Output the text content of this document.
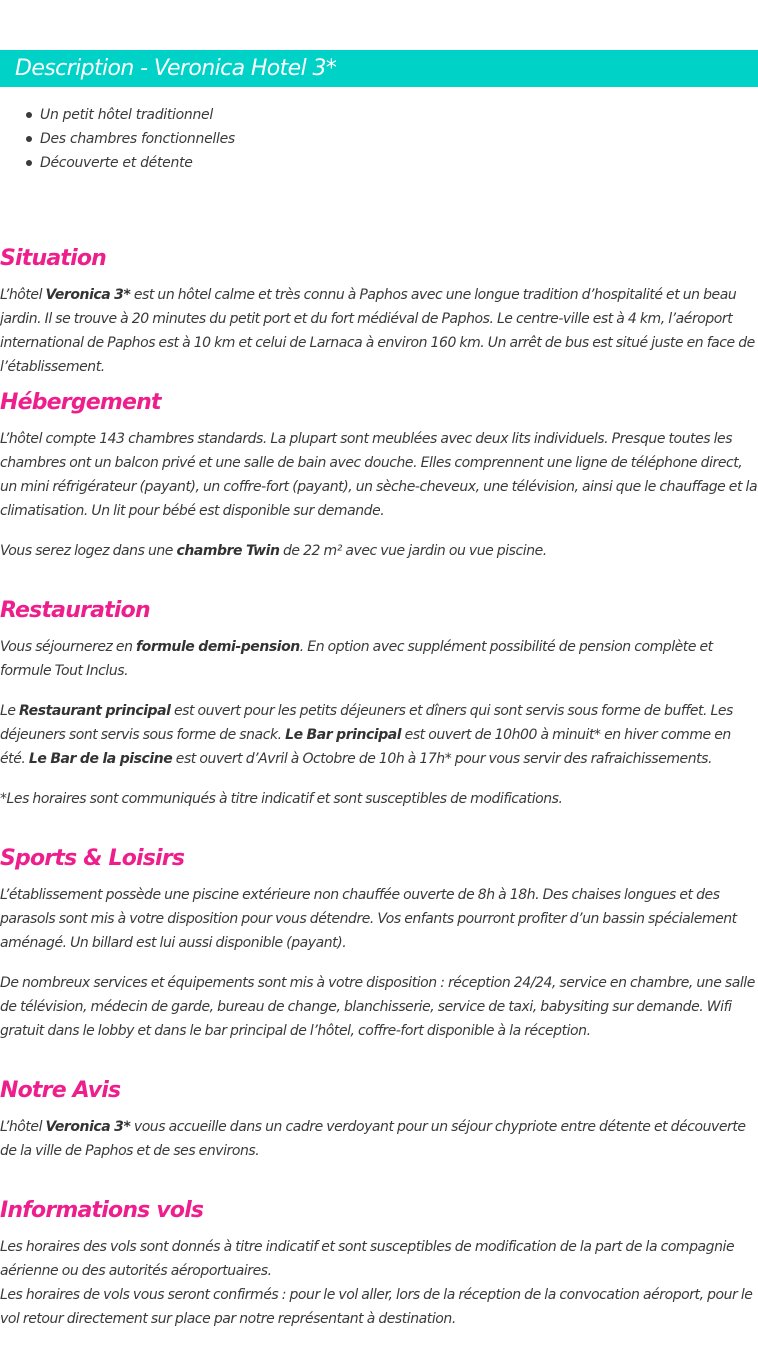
Description - Veronica Hotel 3*
Un petit hôtel traditionnel
Des chambres fonctionnelles
Découverte et détente
Situation

L’hôtel Veronica 3* est un hôtel calme et très connu à Paphos avec une longue tradition d’hospitalité et un beau jardin. Il se trouve à 20 minutes du petit port et du fort médiéval de Paphos. Le centre-ville est à 4 km, l’aéroport international de Paphos est à 10 km et celui de Larnaca à environ 160 km. Un arrêt de bus est situé juste en face de l’établissement.

Hébergement

L’hôtel compte 143 chambres standards. La plupart sont meublées avec deux lits individuels. Presque toutes les chambres ont un balcon privé et une salle de bain avec douche. Elles comprennent une ligne de téléphone direct, un mini réfrigérateur (payant), un coffre-fort (payant), un sèche-cheveux, une télévision, ainsi que le chauffage et la climatisation. Un lit pour bébé est disponible sur demande.

Vous serez logez dans une chambre Twin de 22 m² avec vue jardin ou vue piscine.

Restauration

Vous séjournerez en formule demi-pension. En option avec supplément possibilité de pension complète et formule Tout Inclus.

Le Restaurant principal est ouvert pour les petits déjeuners et dîners qui sont servis sous forme de buffet. Les déjeuners sont servis sous forme de snack. Le Bar principal est ouvert de 10h00 à minuit* en hiver comme en été. Le Bar de la piscine est ouvert d’Avril à Octobre de 10h à 17h* pour vous servir des rafraichissements.

*Les horaires sont communiqués à titre indicatif et sont susceptibles de modifications.

Sports & Loisirs

L’établissement possède une piscine extérieure non chauffée ouverte de 8h à 18h. Des chaises longues et des parasols sont mis à votre disposition pour vous détendre. Vos enfants pourront profiter d’un bassin spécialement aménagé. Un billard est lui aussi disponible (payant).

De nombreux services et équipements sont mis à votre disposition : réception 24/24, service en chambre, une salle de télévision, médecin de garde, bureau de change, blanchisserie, service de taxi, babysiting sur demande. Wifi gratuit dans le lobby et dans le bar principal de l’hôtel, coffre-fort disponible à la réception.

Notre Avis

L’hôtel Veronica 3* vous accueille dans un cadre verdoyant pour un séjour chypriote entre détente et découverte de la ville de Paphos et de ses environs.

Informations vols

Les horaires des vols sont donnés à titre indicatif et sont susceptibles de modification de la part de la compagnie aérienne ou des autorités aéroportuaires.

Les horaires de vols vous seront confirmés : pour le vol aller, lors de la réception de la convocation aéroport, pour le vol retour directement sur place par notre représentant à destination.
